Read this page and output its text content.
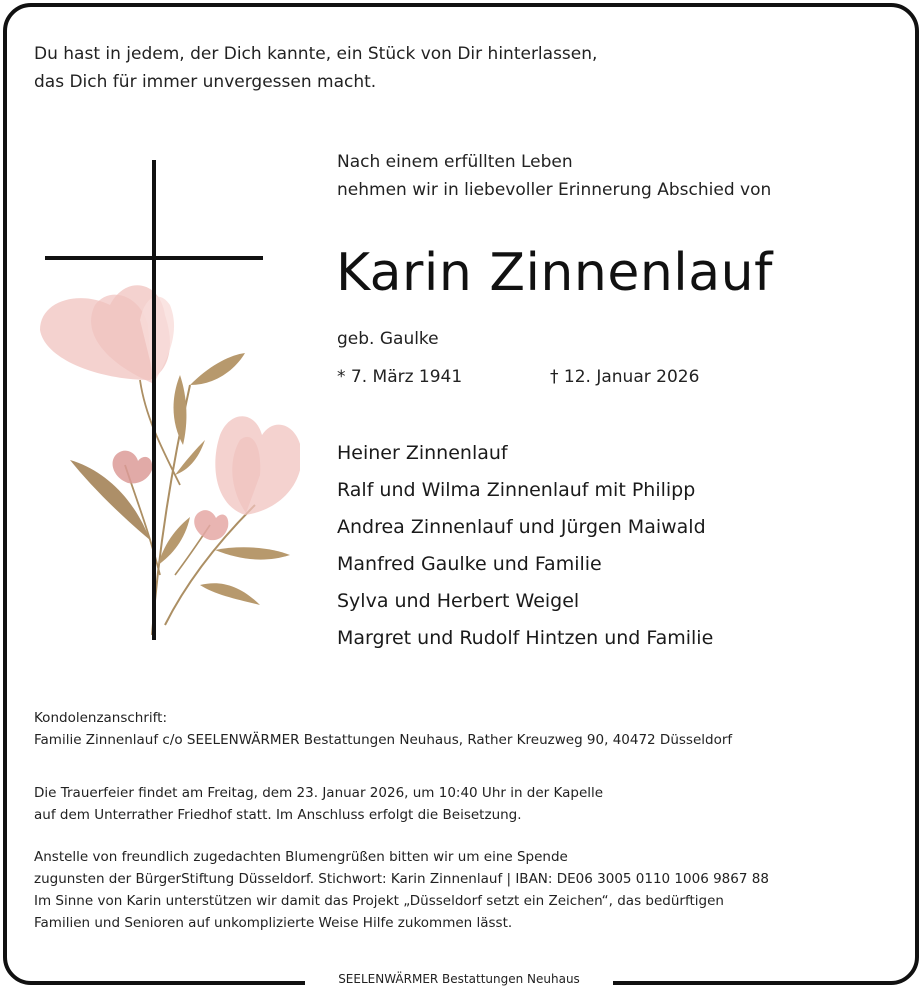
SEELENWÄRMER Bestattungen Neuhaus
Du hast in jedem, der Dich kannte, ein Stück von Dir hinterlassen,
das Dich für immer unvergessen macht.
Nach einem erfüllten Leben
nehmen wir in liebevoller Erinnerung Abschied von
Karin Zinnenlauf
geb. Gaulke
* 7. März 1941	† 12. Januar 2026
Heiner Zinnenlauf
Ralf und Wilma Zinnenlauf mit Philipp
Andrea Zinnenlauf und Jürgen Maiwald
Manfred Gaulke und Familie
Sylva und Herbert Weigel
Margret und Rudolf Hintzen und Familie

Kondolenzanschrift:

Familie Zinnenlauf c/o SEELENWÄRMER Bestattungen Neuhaus, Rather Kreuzweg 90, 40472 Düsseldorf

Die Trauerfeier findet am Freitag, dem 23. Januar 2026, um 10:40 Uhr in der Kapelle

auf dem Unterrather Friedhof statt. Im Anschluss erfolgt die Beisetzung.

Anstelle von freundlich zugedachten Blumengrüßen bitten wir um eine Spende

zugunsten der BürgerStiftung Düsseldorf. Stichwort: Karin Zinnenlauf | IBAN: DE06 3005 0110 1006 9867 88

Im Sinne von Karin unterstützen wir damit das Projekt „Düsseldorf setzt ein Zeichen“, das bedürftigen

Familien und Senioren auf unkomplizierte Weise Hilfe zukommen lässt.
